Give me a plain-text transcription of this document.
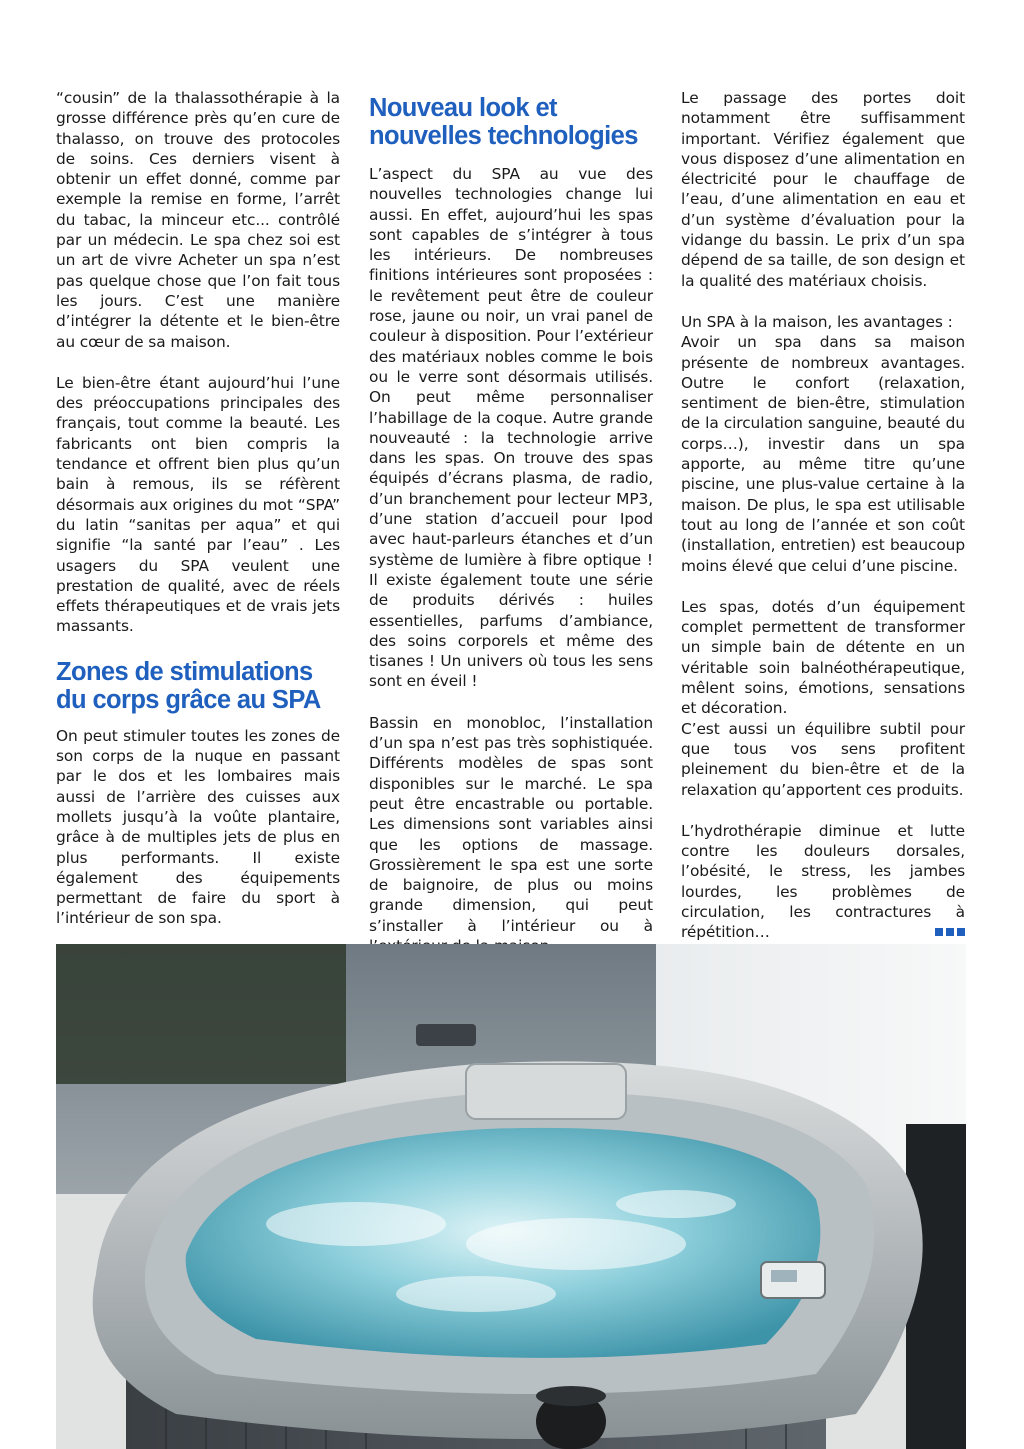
“cousin” de la thalassothérapie à la grosse différence près qu’en cure de thalasso, on trouve des protocoles de soins. Ces derniers visent à obtenir un effet donné, comme par exemple la remise en forme, l’arrêt du tabac, la minceur etc... contrôlé par un médecin. Le spa chez soi est un art de vivre Acheter un spa n’est pas quelque chose que l’on fait tous les jours. C’est une manière d’intégrer la détente et le bien-être au cœur de sa maison.

Le bien-être étant aujourd’hui l’une des préoccupations principales des français, tout comme la beauté. Les fabricants ont bien compris la tendance et offrent bien plus qu’un bain à remous, ils se réfèrent désormais aux origines du mot “SPA” du latin “sanitas per aqua” et qui signifie “la santé par l’eau” . Les usagers du SPA veulent une prestation de qualité, avec de réels effets thérapeutiques et de vrais jets massants.

Zones de stimulations du corps grâce au SPA

On peut stimuler toutes les zones de son corps de la nuque en passant par le dos et les lombaires mais aussi de l’arrière des cuisses aux mollets jusqu’à la voûte plantaire, grâce à de multiples jets de plus en plus performants. Il existe également des équipements permettant de faire du sport à l’intérieur de son spa.

Nouveau look et nouvelles technologies

L’aspect du SPA au vue des nouvelles technologies change lui aussi. En effet, aujourd’hui les spas sont capables de s’intégrer à tous les intérieurs. De nombreuses finitions intérieures sont proposées : le revêtement peut être de couleur rose, jaune ou noir, un vrai panel de couleur à disposition. Pour l’extérieur des matériaux nobles comme le bois ou le verre sont désormais utilisés. On peut même personnaliser l’habillage de la coque. Autre grande nouveauté : la technologie arrive dans les spas. On trouve des spas équipés d’écrans plasma, de radio, d’un branchement pour lecteur MP3, d’une station d’accueil pour Ipod avec haut-parleurs étanches et d’un système de lumière à fibre optique ! Il existe également toute une série de produits dérivés : huiles essentielles, parfums d’ambiance, des soins corporels et même des tisanes ! Un univers où tous les sens sont en éveil !

Bassin en monobloc, l’installation d’un spa n’est pas très sophistiquée. Différents modèles de spas sont disponibles sur le marché. Le spa peut être encastrable ou portable. Les dimensions sont variables ainsi que les options de massage. Grossièrement le spa est une sorte de baignoire, de plus ou moins grande dimension, qui peut s’installer à l’intérieur ou à

Le passage des portes doit notamment être suffisamment important. Vérifiez également que vous disposez d’une alimentation en électricité pour le chauffage de l’eau, d’une alimentation en eau et d’un système d’évaluation pour la vidange du bassin. Le prix d’un spa dépend de sa taille, de son design et la qualité des matériaux choisis.

Un SPA à la maison, les avantages :

Avoir un spa dans sa maison présente de nombreux avantages. Outre le confort (relaxation, sentiment de bien-être, stimulation de la circulation sanguine, beauté du corps…), investir dans un spa apporte, au même titre qu’une piscine, une plus-value certaine à la maison. De plus, le spa est utilisable tout au long de l’année et son coût (installation, entretien) est beaucoup moins élevé que celui d’une piscine.

Les spas, dotés d’un équipement complet permettent de transformer un simple bain de détente en un véritable soin balnéothérapeutique, mêlent soins, émotions, sensations et décoration.

C’est aussi un équilibre subtil pour que tous vos sens profitent pleinement du bien-être et de la relaxation qu’apportent ces produits.

L’hydrothérapie diminue et lutte contre les douleurs dorsales, l’obésité, le stress, les jambes lourdes, les problèmes de circulation, les contractures à répétition…
